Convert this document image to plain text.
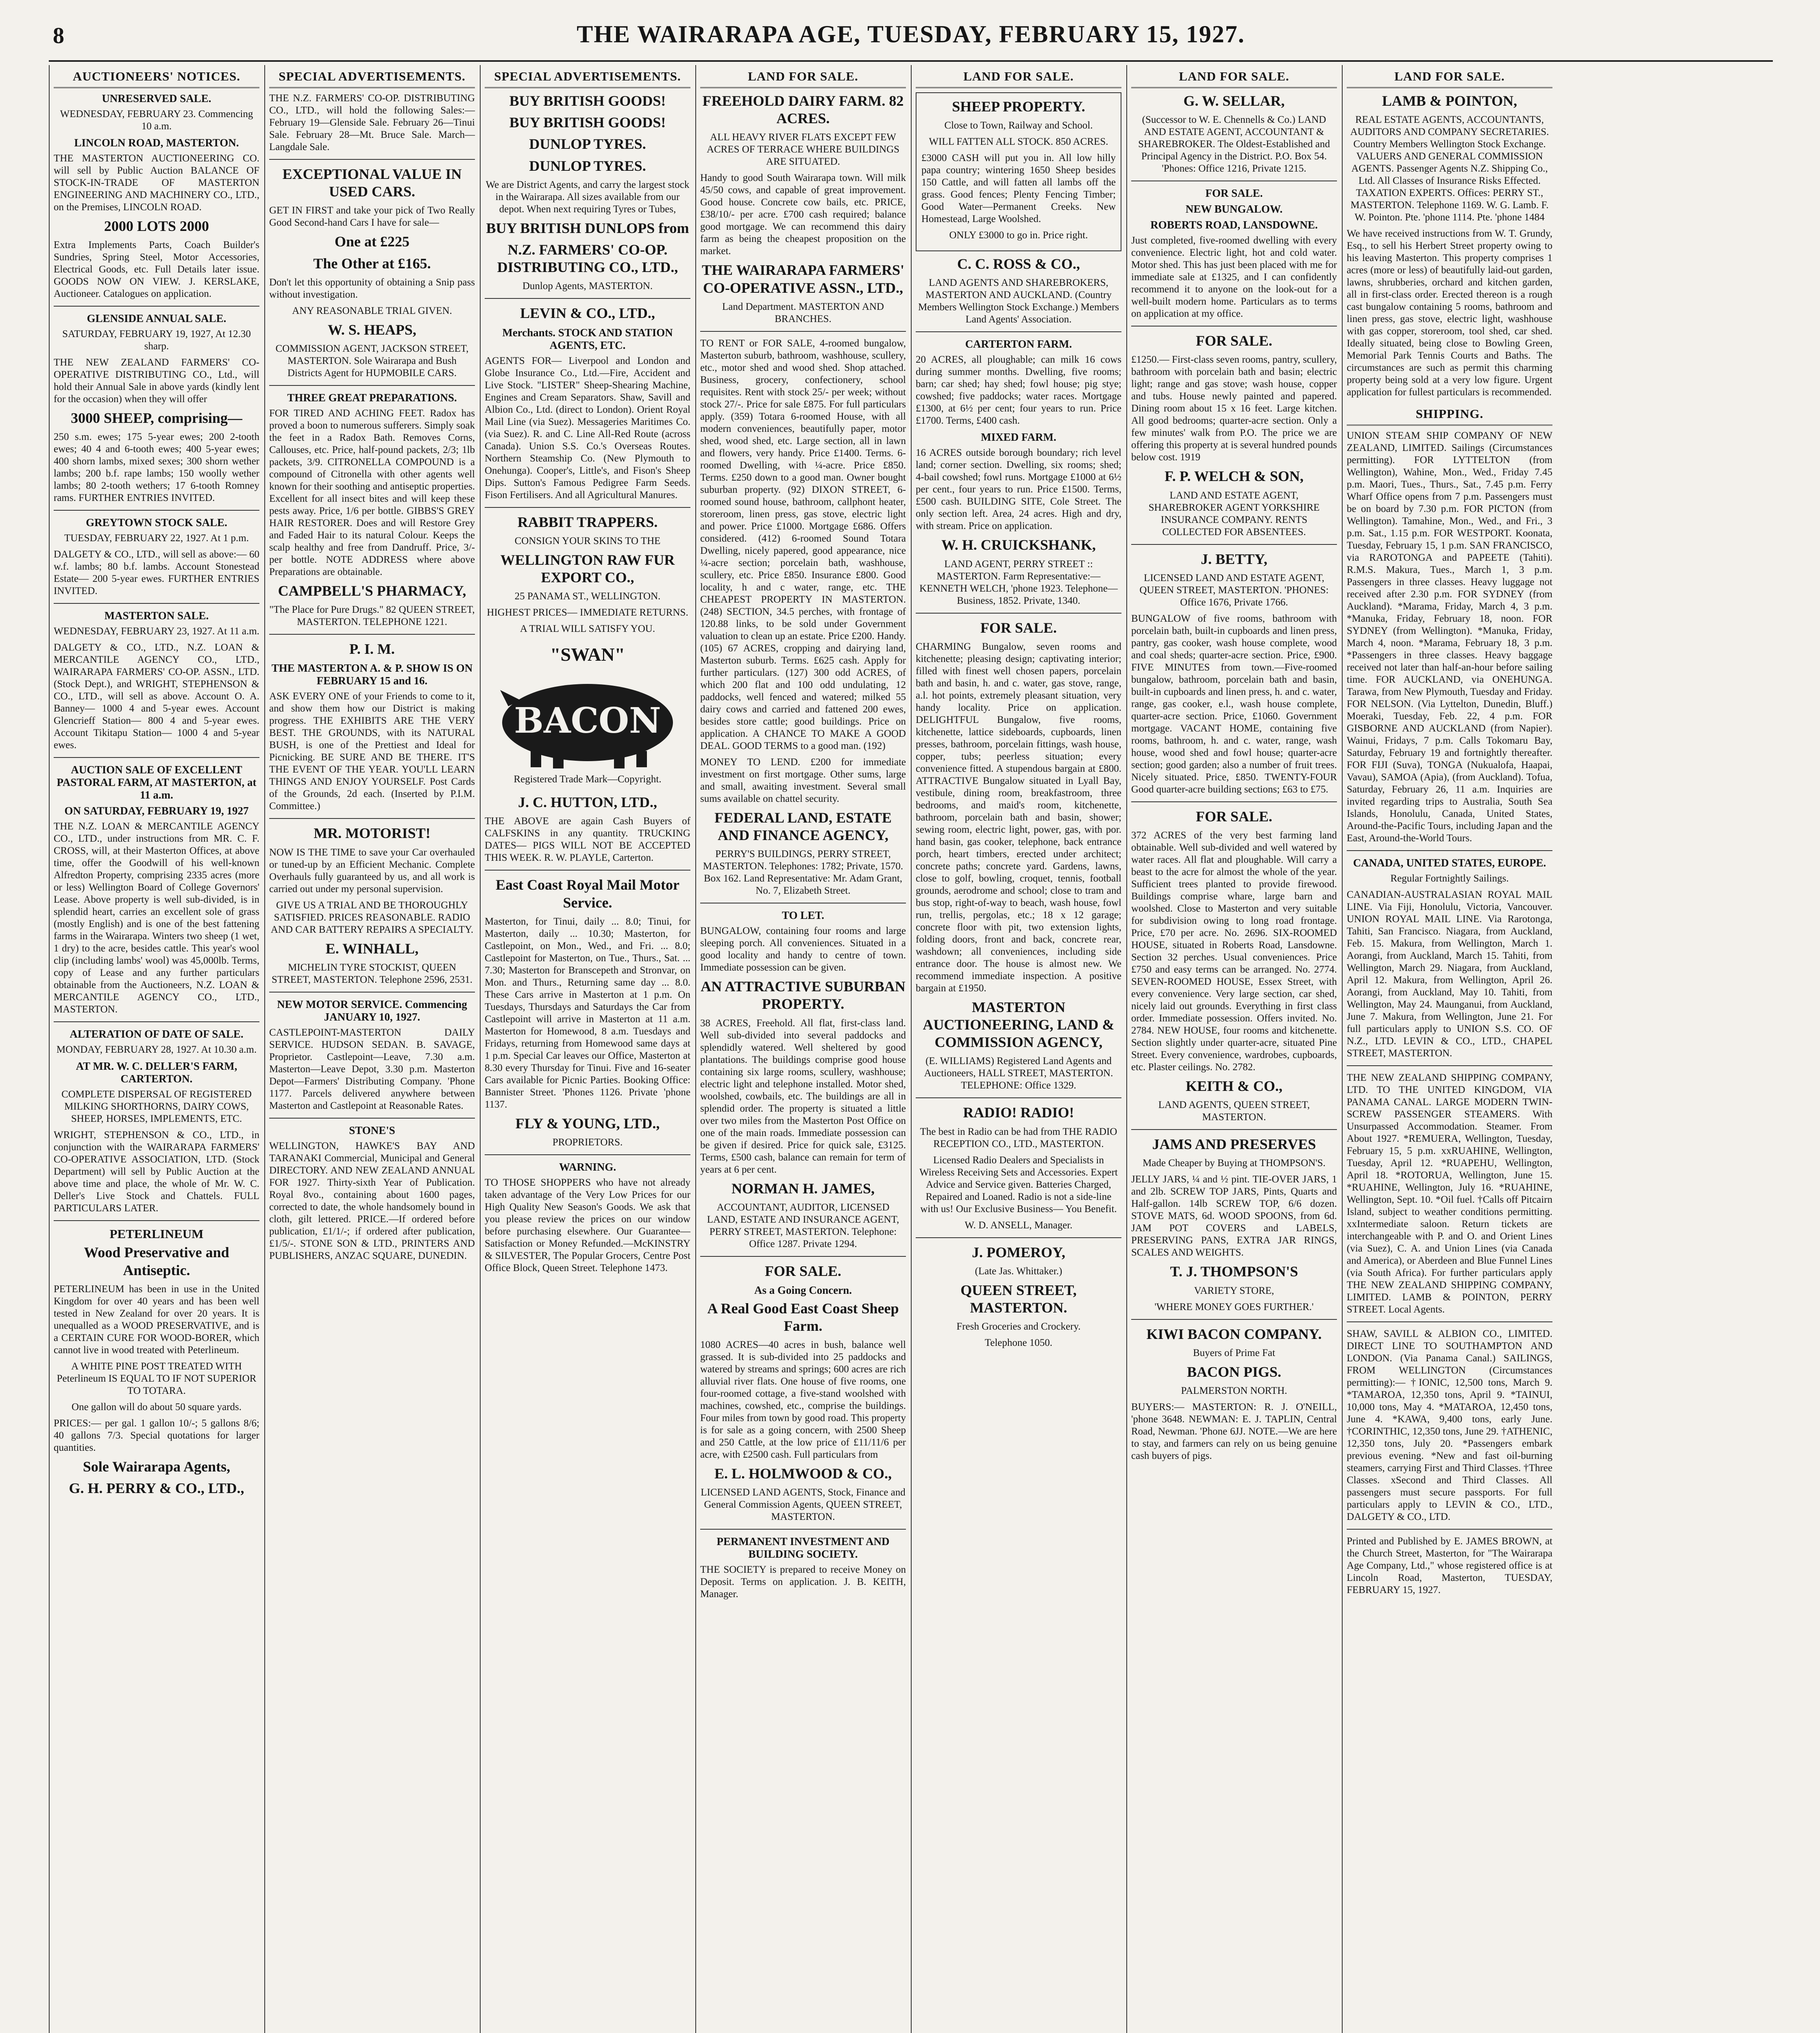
8	THE WAIRARAPA AGE, TUESDAY, FEBRUARY 15, 1927.
AUCTIONEERS' NOTICES.
UNRESERVED SALE.

WEDNESDAY, FEBRUARY 23. Commencing 10 a.m.

LINCOLN ROAD, MASTERTON.

THE MASTERTON AUCTIONEERING CO. will sell by Public Auction BALANCE OF STOCK-IN-TRADE OF MASTERTON ENGINEERING AND MACHINERY CO., LTD., on the Premises, LINCOLN ROAD.

2000 LOTS 2000

Extra Implements Parts, Coach Builder's Sundries, Spring Steel, Motor Accessories, Electrical Goods, etc. Full Details later issue. GOODS NOW ON VIEW. J. KERSLAKE, Auctioneer. Catalogues on application.

GLENSIDE ANNUAL SALE.

SATURDAY, FEBRUARY 19, 1927, At 12.30 sharp.

THE NEW ZEALAND FARMERS' CO-OPERATIVE DISTRIBUTING CO., Ltd., will hold their Annual Sale in above yards (kindly lent for the occasion) when they will offer

3000 SHEEP, comprising—

250 s.m. ewes; 175 5-year ewes; 200 2-tooth ewes; 40 4 and 6-tooth ewes; 400 5-year ewes; 400 shorn lambs, mixed sexes; 300 shorn wether lambs; 200 b.f. rape lambs; 150 woolly wether lambs; 80 2-tooth wethers; 17 6-tooth Romney rams. FURTHER ENTRIES INVITED.

GREYTOWN STOCK SALE.

TUESDAY, FEBRUARY 22, 1927. At 1 p.m.

DALGETY & CO., LTD., will sell as above:— 60 w.f. lambs; 80 b.f. lambs. Account Stonestead Estate— 200 5-year ewes. FURTHER ENTRIES INVITED.

MASTERTON SALE.

WEDNESDAY, FEBRUARY 23, 1927. At 11 a.m.

DALGETY & CO., LTD., N.Z. LOAN & MERCANTILE AGENCY CO., LTD., WAIRARAPA FARMERS' CO-OP. ASSN., LTD. (Stock Dept.), and WRIGHT, STEPHENSON & CO., LTD., will sell as above. Account O. A. Banney— 1000 4 and 5-year ewes. Account Glencrieff Station— 800 4 and 5-year ewes. Account Tikitapu Station— 1000 4 and 5-year ewes.

AUCTION SALE OF EXCELLENT PASTORAL FARM, AT MASTERTON, at 11 a.m.
ON SATURDAY, FEBRUARY 19, 1927

THE N.Z. LOAN & MERCANTILE AGENCY CO., LTD., under instructions from MR. C. F. CROSS, will, at their Masterton Offices, at above time, offer the Goodwill of his well-known Alfredton Property, comprising 2335 acres (more or less) Wellington Board of College Governors' Lease. Above property is well sub-divided, is in splendid heart, carries an excellent sole of grass (mostly English) and is one of the best fattening farms in the Wairarapa. Winters two sheep (1 wet, 1 dry) to the acre, besides cattle. This year's wool clip (including lambs' wool) was 45,000lb. Terms, copy of Lease and any further particulars obtainable from the Auctioneers, N.Z. LOAN & MERCANTILE AGENCY CO., LTD., MASTERTON.

ALTERATION OF DATE OF SALE.

MONDAY, FEBRUARY 28, 1927. At 10.30 a.m.

AT MR. W. C. DELLER'S FARM, CARTERTON.

COMPLETE DISPERSAL OF REGISTERED MILKING SHORTHORNS, DAIRY COWS, SHEEP, HORSES, IMPLEMENTS, ETC.

WRIGHT, STEPHENSON & CO., LTD., in conjunction with the WAIRARAPA FARMERS' CO-OPERATIVE ASSOCIATION, LTD. (Stock Department) will sell by Public Auction at the above time and place, the whole of Mr. W. C. Deller's Live Stock and Chattels. FULL PARTICULARS LATER.

PETERLINEUM

Wood Preservative and Antiseptic.

PETERLINEUM has been in use in the United Kingdom for over 40 years and has been well tested in New Zealand for over 20 years. It is unequalled as a WOOD PRESERVATIVE, and is a CERTAIN CURE FOR WOOD-BORER, which cannot live in wood treated with Peterlineum.

A WHITE PINE POST TREATED WITH Peterlineum IS EQUAL TO IF NOT SUPERIOR TO TOTARA.

One gallon will do about 50 square yards.

PRICES:— per gal. 1 gallon 10/-; 5 gallons 8/6; 40 gallons 7/3. Special quotations for larger quantities.

Sole Wairarapa Agents,

G. H. PERRY & CO., LTD.,

SPECIAL ADVERTISEMENTS.

THE N.Z. FARMERS' CO-OP. DISTRIBUTING CO., LTD., will hold the following Sales:— February 19—Glenside Sale. February 26—Tinui Sale. February 28—Mt. Bruce Sale. March—Langdale Sale.

EXCEPTIONAL VALUE IN USED CARS.

GET IN FIRST and take your pick of Two Really Good Second-hand Cars I have for sale—

One at £225

The Other at £165.

Don't let this opportunity of obtaining a Snip pass without investigation.

ANY REASONABLE TRIAL GIVEN.

W. S. HEAPS,

COMMISSION AGENT, JACKSON STREET, MASTERTON. Sole Wairarapa and Bush Districts Agent for HUPMOBILE CARS.

THREE GREAT PREPARATIONS.

FOR TIRED AND ACHING FEET. Radox has proved a boon to numerous sufferers. Simply soak the feet in a Radox Bath. Removes Corns, Callouses, etc. Price, half-pound packets, 2/3; 1lb packets, 3/9. CITRONELLA COMPOUND is a compound of Citronella with other agents well known for their soothing and antiseptic properties. Excellent for all insect bites and will keep these pests away. Price, 1/6 per bottle. GIBBS'S GREY HAIR RESTORER. Does and will Restore Grey and Faded Hair to its natural Colour. Keeps the scalp healthy and free from Dandruff. Price, 3/- per bottle. NOTE ADDRESS where above Preparations are obtainable.

CAMPBELL'S PHARMACY,

"The Place for Pure Drugs." 82 QUEEN STREET, MASTERTON. TELEPHONE 1221.

P. I. M.

THE MASTERTON A. & P. SHOW IS ON FEBRUARY 15 and 16.

ASK EVERY ONE of your Friends to come to it, and show them how our District is making progress. THE EXHIBITS ARE THE VERY BEST. THE GROUNDS, with its NATURAL BUSH, is one of the Prettiest and Ideal for Picnicking. BE SURE AND BE THERE. IT'S THE EVENT OF THE YEAR. YOU'LL LEARN THINGS AND ENJOY YOURSELF. Post Cards of the Grounds, 2d each. (Inserted by P.I.M. Committee.)

MR. MOTORIST!

NOW IS THE TIME to save your Car overhauled or tuned-up by an Efficient Mechanic. Complete Overhauls fully guaranteed by us, and all work is carried out under my personal supervision.

GIVE US A TRIAL AND BE THOROUGHLY SATISFIED. PRICES REASONABLE. RADIO AND CAR BATTERY REPAIRS A SPECIALTY.

E. WINHALL,

MICHELIN TYRE STOCKIST, QUEEN STREET, MASTERTON. Telephone 2596, 2531.

NEW MOTOR SERVICE. Commencing JANUARY 10, 1927.

CASTLEPOINT-MASTERTON DAILY SERVICE. HUDSON SEDAN. B. SAVAGE, Proprietor. Castlepoint—Leave, 7.30 a.m. Masterton—Leave Depot, 3.30 p.m. Masterton Depot—Farmers' Distributing Company. 'Phone 1177. Parcels delivered anywhere between Masterton and Castlepoint at Reasonable Rates.

STONE'S

WELLINGTON, HAWKE'S BAY AND TARANAKI Commercial, Municipal and General DIRECTORY. AND NEW ZEALAND ANNUAL FOR 1927. Thirty-sixth Year of Publication. Royal 8vo., containing about 1600 pages, corrected to date, the whole handsomely bound in cloth, gilt lettered. PRICE.—If ordered before publication, £1/1/-; if ordered after publication, £1/5/-. STONE SON & LTD., PRINTERS AND PUBLISHERS, ANZAC SQUARE, DUNEDIN.

SPECIAL ADVERTISEMENTS.

BUY BRITISH GOODS!

BUY BRITISH GOODS!

DUNLOP TYRES.

DUNLOP TYRES.

We are District Agents, and carry the largest stock in the Wairarapa. All sizes available from our depot. When next requiring Tyres or Tubes,

BUY BRITISH DUNLOPS from

N.Z. FARMERS' CO-OP. DISTRIBUTING CO., LTD.,

Dunlop Agents, MASTERTON.

LEVIN & CO., LTD.,

Merchants. STOCK AND STATION AGENTS, ETC.

AGENTS FOR— Liverpool and London and Globe Insurance Co., Ltd.—Fire, Accident and Live Stock. "LISTER" Sheep-Shearing Machine, Engines and Cream Separators. Shaw, Savill and Albion Co., Ltd. (direct to London). Orient Royal Mail Line (via Suez). Messageries Maritimes Co. (via Suez). R. and C. Line All-Red Route (across Canada). Union S.S. Co.'s Overseas Routes. Northern Steamship Co. (New Plymouth to Onehunga). Cooper's, Little's, and Fison's Sheep Dips. Sutton's Famous Pedigree Farm Seeds. Fison Fertilisers. And all Agricultural Manures.

RABBIT TRAPPERS.

CONSIGN YOUR SKINS TO THE

WELLINGTON RAW FUR EXPORT CO.,

25 PANAMA ST., WELLINGTON.

HIGHEST PRICES— IMMEDIATE RETURNS.

A TRIAL WILL SATISFY YOU.

"SWAN"

BACON

Registered Trade Mark—Copyright.

J. C. HUTTON, LTD.,

THE ABOVE are again Cash Buyers of CALFSKINS in any quantity. TRUCKING DATES— PIGS WILL NOT BE ACCEPTED THIS WEEK. R. W. PLAYLE, Carterton.

East Coast Royal Mail Motor Service.

Masterton, for Tinui, daily ... 8.0; Tinui, for Masterton, daily ... 10.30; Masterton, for Castlepoint, on Mon., Wed., and Fri. ... 8.0; Castlepoint for Masterton, on Tue., Thurs., Sat. ... 7.30; Masterton for Branscepeth and Stronvar, on Mon. and Thurs., Returning same day ... 8.0. These Cars arrive in Masterton at 1 p.m. On Tuesdays, Thursdays and Saturdays the Car from Castlepoint will arrive in Masterton at 11 a.m. Masterton for Homewood, 8 a.m. Tuesdays and Fridays, returning from Homewood same days at 1 p.m. Special Car leaves our Office, Masterton at 8.30 every Thursday for Tinui. Five and 16-seater Cars available for Picnic Parties. Booking Office: Bannister Street. 'Phones 1126. Private 'phone 1137.

FLY & YOUNG, LTD.,

PROPRIETORS.

WARNING.

TO THOSE SHOPPERS who have not already taken advantage of the Very Low Prices for our High Quality New Season's Goods. We ask that you please review the prices on our window before purchasing elsewhere. Our Guarantee—Satisfaction or Money Refunded.—McKINSTRY & SILVESTER, The Popular Grocers, Centre Post Office Block, Queen Street. Telephone 1473.

LAND FOR SALE.

FREEHOLD DAIRY FARM. 82 ACRES.

ALL HEAVY RIVER FLATS EXCEPT FEW ACRES OF TERRACE WHERE BUILDINGS ARE SITUATED.

Handy to good South Wairarapa town. Will milk 45/50 cows, and capable of great improvement. Good house. Concrete cow bails, etc. PRICE, £38/10/- per acre. £700 cash required; balance good mortgage. We can recommend this dairy farm as being the cheapest proposition on the market.

THE WAIRARAPA FARMERS' CO-OPERATIVE ASSN., LTD.,

Land Department. MASTERTON AND BRANCHES.

TO RENT or FOR SALE, 4-roomed bungalow, Masterton suburb, bathroom, washhouse, scullery, etc., motor shed and wood shed. Shop attached. Business, grocery, confectionery, school requisites. Rent with stock 25/- per week; without stock 27/-. Price for sale £875. For full particulars apply. (359) Totara 6-roomed House, with all modern conveniences, beautifully paper, motor shed, wood shed, etc. Large section, all in lawn and flowers, very handy. Price £1400. Terms. 6-roomed Dwelling, with ¼-acre. Price £850. Terms. £250 down to a good man. Owner bought suburban property. (92) DIXON STREET, 6-roomed sound house, bathroom, callphont heater, storeroom, linen press, gas stove, electric light and power. Price £1000. Mortgage £686. Offers considered. (412) 6-roomed Sound Totara Dwelling, nicely papered, good appearance, nice ¼-acre section; porcelain bath, washhouse, scullery, etc. Price £850. Insurance £800. Good locality, h and c water, range, etc. THE CHEAPEST PROPERTY IN MASTERTON. (248) SECTION, 34.5 perches, with frontage of 120.88 links, to be sold under Government valuation to clean up an estate. Price £200. Handy. (105) 67 ACRES, cropping and dairying land, Masterton suburb. Terms. £625 cash. Apply for further particulars. (127) 300 odd ACRES, of which 200 flat and 100 odd undulating, 12 paddocks, well fenced and watered; milked 55 dairy cows and carried and fattened 200 ewes, besides store cattle; good buildings. Price on application. A CHANCE TO MAKE A GOOD DEAL. GOOD TERMS to a good man. (192)

MONEY TO LEND. £200 for immediate investment on first mortgage. Other sums, large and small, awaiting investment. Several small sums available on chattel security.

FEDERAL LAND, ESTATE AND FINANCE AGENCY,

PERRY'S BUILDINGS, PERRY STREET, MASTERTON. Telephones: 1782; Private, 1570. Box 162. Land Representative: Mr. Adam Grant, No. 7, Elizabeth Street.

TO LET.

BUNGALOW, containing four rooms and large sleeping porch. All conveniences. Situated in a good locality and handy to centre of town. Immediate possession can be given.

AN ATTRACTIVE SUBURBAN PROPERTY.

38 ACRES, Freehold. All flat, first-class land. Well sub-divided into several paddocks and splendidly watered. Well sheltered by good plantations. The buildings comprise good house containing six large rooms, scullery, washhouse; electric light and telephone installed. Motor shed, woolshed, cowbails, etc. The buildings are all in splendid order. The property is situated a little over two miles from the Masterton Post Office on one of the main roads. Immediate possession can be given if desired. Price for quick sale, £3125. Terms, £500 cash, balance can remain for term of years at 6 per cent.

NORMAN H. JAMES,

ACCOUNTANT, AUDITOR, LICENSED LAND, ESTATE AND INSURANCE AGENT, PERRY STREET, MASTERTON. Telephone: Office 1287. Private 1294.

FOR SALE.

As a Going Concern.

A Real Good East Coast Sheep Farm.

1080 ACRES—40 acres in bush, balance well grassed. It is sub-divided into 25 paddocks and watered by streams and springs; 600 acres are rich alluvial river flats. One house of five rooms, one four-roomed cottage, a five-stand woolshed with machines, cowshed, etc., comprise the buildings. Four miles from town by good road. This property is for sale as a going concern, with 2500 Sheep and 250 Cattle, at the low price of £11/11/6 per acre, with £2500 cash. Full particulars from

E. L. HOLMWOOD & CO.,

LICENSED LAND AGENTS, Stock, Finance and General Commission Agents, QUEEN STREET, MASTERTON.

PERMANENT INVESTMENT AND BUILDING SOCIETY.

THE SOCIETY is prepared to receive Money on Deposit. Terms on application. J. B. KEITH, Manager.

LAND FOR SALE.

SHEEP PROPERTY.

Close to Town, Railway and School.

WILL FATTEN ALL STOCK. 850 ACRES.

£3000 CASH will put you in. All low hilly papa country; wintering 1650 Sheep besides 150 Cattle, and will fatten all lambs off the grass. Good fences; Plenty Fencing Timber; Good Water—Permanent Creeks. New Homestead, Large Woolshed.

ONLY £3000 to go in. Price right.

C. C. ROSS & CO.,

LAND AGENTS AND SHAREBROKERS, MASTERTON AND AUCKLAND. (Country Members Wellington Stock Exchange.) Members Land Agents' Association.

CARTERTON FARM.

20 ACRES, all ploughable; can milk 16 cows during summer months. Dwelling, five rooms; barn; car shed; hay shed; fowl house; pig stye; cowshed; five paddocks; water races. Mortgage £1300, at 6½ per cent; four years to run. Price £1700. Terms, £400 cash.

MIXED FARM.

16 ACRES outside borough boundary; rich level land; corner section. Dwelling, six rooms; shed; 4-bail cowshed; fowl runs. Mortgage £1000 at 6½ per cent., four years to run. Price £1500. Terms, £500 cash. BUILDING SITE, Cole Street. The only section left. Area, 24 acres. High and dry, with stream. Price on application.

W. H. CRUICKSHANK,

LAND AGENT, PERRY STREET :: MASTERTON. Farm Representative:— KENNETH WELCH, 'phone 1923. Telephone— Business, 1852. Private, 1340.

FOR SALE.

CHARMING Bungalow, seven rooms and kitchenette; pleasing design; captivating interior; filled with finest well chosen papers, porcelain bath and basin, h. and c. water, gas stove, range, a.l. hot points, extremely pleasant situation, very handy locality. Price on application. DELIGHTFUL Bungalow, five rooms, kitchenette, lattice sideboards, cupboards, linen presses, bathroom, porcelain fittings, wash house, copper, tubs; peerless situation; every convenience fitted. A stupendous bargain at £800. ATTRACTIVE Bungalow situated in Lyall Bay, vestibule, dining room, breakfastroom, three bedrooms, and maid's room, kitchenette, bathroom, porcelain bath and basin, shower; sewing room, electric light, power, gas, with por. hand basin, gas cooker, telephone, back entrance porch, heart timbers, erected under architect; concrete paths; concrete yard. Gardens, lawns, close to golf, bowling, croquet, tennis, football grounds, aerodrome and school; close to tram and bus stop, right-of-way to beach, wash house, fowl run, trellis, pergolas, etc.; 18 x 12 garage; concrete floor with pit, two extension lights, folding doors, front and back, concrete rear, washdown; all conveniences, including side entrance door. The house is almost new. We recommend immediate inspection. A positive bargain at £1950.

MASTERTON AUCTIONEERING, LAND & COMMISSION AGENCY,

(E. WILLIAMS) Registered Land Agents and Auctioneers, HALL STREET, MASTERTON. TELEPHONE: Office 1329.

RADIO! RADIO!

The best in Radio can be had from THE RADIO RECEPTION CO., LTD., MASTERTON.

Licensed Radio Dealers and Specialists in Wireless Receiving Sets and Accessories. Expert Advice and Service given. Batteries Charged, Repaired and Loaned. Radio is not a side-line with us! Our Exclusive Business— You Benefit.

W. D. ANSELL, Manager.

J. POMEROY,

(Late Jas. Whittaker.)

QUEEN STREET, MASTERTON.

Fresh Groceries and Crockery.

Telephone 1050.

LAND FOR SALE.

G. W. SELLAR,

(Successor to W. E. Chennells & Co.) LAND AND ESTATE AGENT, ACCOUNTANT & SHAREBROKER. The Oldest-Established and Principal Agency in the District. P.O. Box 54. 'Phones: Office 1216, Private 1215.

FOR SALE.
NEW BUNGALOW.
ROBERTS ROAD, LANSDOWNE.

Just completed, five-roomed dwelling with every convenience. Electric light, hot and cold water. Motor shed. This has just been placed with me for immediate sale at £1325, and I can confidently recommend it to anyone on the look-out for a well-built modern home. Particulars as to terms on application at my office.

FOR SALE.

£1250.— First-class seven rooms, pantry, scullery, bathroom with porcelain bath and basin; electric light; range and gas stove; wash house, copper and tubs. House newly painted and papered. Dining room about 15 x 16 feet. Large kitchen. All good bedrooms; quarter-acre section. Only a few minutes' walk from P.O. The price we are offering this property at is several hundred pounds below cost. 1919

F. P. WELCH & SON,

LAND AND ESTATE AGENT, SHAREBROKER AGENT YORKSHIRE INSURANCE COMPANY. RENTS COLLECTED FOR ABSENTEES.

J. BETTY,

LICENSED LAND AND ESTATE AGENT, QUEEN STREET, MASTERTON. 'PHONES: Office 1676, Private 1766.

BUNGALOW of five rooms, bathroom with porcelain bath, built-in cupboards and linen press, pantry, gas cooker, wash house complete, wood and coal sheds; quarter-acre section. Price, £900. FIVE MINUTES from town.—Five-roomed bungalow, bathroom, porcelain bath and basin, built-in cupboards and linen press, h. and c. water, range, gas cooker, e.l., wash house complete, quarter-acre section. Price, £1060. Government mortgage. VACANT HOME, containing five rooms, bathroom, h. and c. water, range, wash house, wood shed and fowl house; quarter-acre section; good garden; also a number of fruit trees. Nicely situated. Price, £850. TWENTY-FOUR Good quarter-acre building sections; £63 to £75.

FOR SALE.

372 ACRES of the very best farming land obtainable. Well sub-divided and well watered by water races. All flat and ploughable. Will carry a beast to the acre for almost the whole of the year. Sufficient trees planted to provide firewood. Buildings comprise whare, large barn and woolshed. Close to Masterton and very suitable for subdivision owing to long road frontage. Price, £70 per acre. No. 2696. SIX-ROOMED HOUSE, situated in Roberts Road, Lansdowne. Section 32 perches. Usual conveniences. Price £750 and easy terms can be arranged. No. 2774. SEVEN-ROOMED HOUSE, Essex Street, with every convenience. Very large section, car shed, nicely laid out grounds. Everything in first class order. Immediate possession. Offers invited. No. 2784. NEW HOUSE, four rooms and kitchenette. Section slightly under quarter-acre, situated Pine Street. Every convenience, wardrobes, cupboards, etc. Plaster ceilings. No. 2782.

KEITH & CO.,

LAND AGENTS, QUEEN STREET, MASTERTON.

JAMS AND PRESERVES

Made Cheaper by Buying at THOMPSON'S.

JELLY JARS, ¼ and ½ pint. TIE-OVER JARS, 1 and 2lb. SCREW TOP JARS, Pints, Quarts and Half-gallon. 14lb SCREW TOP, 6/6 dozen. STOVE MATS, 6d. WOOD SPOONS, from 6d. JAM POT COVERS and LABELS, PRESERVING PANS, EXTRA JAR RINGS, SCALES AND WEIGHTS.

T. J. THOMPSON'S

VARIETY STORE,

'WHERE MONEY GOES FURTHER.'

KIWI BACON COMPANY.

Buyers of Prime Fat

BACON PIGS.

PALMERSTON NORTH.

BUYERS:— MASTERTON: R. J. O'NEILL, 'phone 3648. NEWMAN: E. J. TAPLIN, Central Road, Newman. 'Phone 6JJ. NOTE.—We are here to stay, and farmers can rely on us being genuine cash buyers of pigs.

LAND FOR SALE.

LAMB & POINTON,

REAL ESTATE AGENTS, ACCOUNTANTS, AUDITORS AND COMPANY SECRETARIES. Country Members Wellington Stock Exchange. VALUERS AND GENERAL COMMISSION AGENTS. Passenger Agents N.Z. Shipping Co., Ltd. All Classes of Insurance Risks Effected. TAXATION EXPERTS. Offices: PERRY ST., MASTERTON. Telephone 1169. W. G. Lamb. F. W. Pointon. Pte. 'phone 1114. Pte. 'phone 1484

We have received instructions from W. T. Grundy, Esq., to sell his Herbert Street property owing to his leaving Masterton. This property comprises 1 acres (more or less) of beautifully laid-out garden, lawns, shrubberies, orchard and kitchen garden, all in first-class order. Erected thereon is a rough cast bungalow containing 5 rooms, bathroom and linen press, gas stove, electric light, washhouse with gas copper, storeroom, tool shed, car shed. Ideally situated, being close to Bowling Green, Memorial Park Tennis Courts and Baths. The circumstances are such as permit this charming property being sold at a very low figure. Urgent application for fullest particulars is recommended.

SHIPPING.

UNION STEAM SHIP COMPANY OF NEW ZEALAND, LIMITED. Sailings (Circumstances permitting). FOR LYTTELTON (from Wellington), Wahine, Mon., Wed., Friday 7.45 p.m. Maori, Tues., Thurs., Sat., 7.45 p.m. Ferry Wharf Office opens from 7 p.m. Passengers must be on board by 7.30 p.m. FOR PICTON (from Wellington). Tamahine, Mon., Wed., and Fri., 3 p.m. Sat., 1.15 p.m. FOR WESTPORT. Koonata, Tuesday, February 15, 1 p.m. SAN FRANCISCO, via RAROTONGA and PAPEETE (Tahiti). R.M.S. Makura, Tues., March 1, 3 p.m. Passengers in three classes. Heavy luggage not received after 2.30 p.m. FOR SYDNEY (from Auckland). *Marama, Friday, March 4, 3 p.m. *Manuka, Friday, February 18, noon. FOR SYDNEY (from Wellington). *Manuka, Friday, March 4, noon. *Marama, February 18, 3 p.m. *Passengers in three classes. Heavy baggage received not later than half-an-hour before sailing time. FOR AUCKLAND, via ONEHUNGA. Tarawa, from New Plymouth, Tuesday and Friday. FOR NELSON. (Via Lyttelton, Dunedin, Bluff.) Moeraki, Tuesday, Feb. 22, 4 p.m. FOR GISBORNE AND AUCKLAND (from Napier). Wainui, Fridays, 7 p.m. Calls Tokomaru Bay, Saturday, February 19 and fortnightly thereafter. FOR FIJI (Suva), TONGA (Nukualofa, Haapai, Vavau), SAMOA (Apia), (from Auckland). Tofua, Saturday, February 26, 11 a.m. Inquiries are invited regarding trips to Australia, South Sea Islands, Honolulu, Canada, United States, Around-the-Pacific Tours, including Japan and the East, Around-the-World Tours.

CANADA, UNITED STATES, EUROPE.

Regular Fortnightly Sailings.

CANADIAN-AUSTRALASIAN ROYAL MAIL LINE. Via Fiji, Honolulu, Victoria, Vancouver. UNION ROYAL MAIL LINE. Via Rarotonga, Tahiti, San Francisco. Niagara, from Auckland, Feb. 15. Makura, from Wellington, March 1. Aorangi, from Auckland, March 15. Tahiti, from Wellington, March 29. Niagara, from Auckland, April 12. Makura, from Wellington, April 26. Aorangi, from Auckland, May 10. Tahiti, from Wellington, May 24. Maunganui, from Auckland, June 7. Makura, from Wellington, June 21. For full particulars apply to UNION S.S. CO. OF N.Z., LTD. LEVIN & CO., LTD., CHAPEL STREET, MASTERTON.

THE NEW ZEALAND SHIPPING COMPANY, LTD. TO THE UNITED KINGDOM, VIA PANAMA CANAL. LARGE MODERN TWIN-SCREW PASSENGER STEAMERS. With Unsurpassed Accommodation. Steamer. From About 1927. *REMUERA, Wellington, Tuesday, February 15, 5 p.m. xxRUAHINE, Wellington, Tuesday, April 12. *RUAPEHU, Wellington, April 18. *ROTORUA, Wellington, June 15. *RUAHINE, Wellington, July 16. *RUAHINE, Wellington, Sept. 10. *Oil fuel. †Calls off Pitcairn Island, subject to weather conditions permitting. xxIntermediate saloon. Return tickets are interchangeable with P. and O. and Orient Lines (via Suez), C. A. and Union Lines (via Canada and America), or Aberdeen and Blue Funnel Lines (via South Africa). For further particulars apply THE NEW ZEALAND SHIPPING COMPANY, LIMITED. LAMB & POINTON, PERRY STREET. Local Agents.

SHAW, SAVILL & ALBION CO., LIMITED. DIRECT LINE TO SOUTHAMPTON AND LONDON. (Via Panama Canal.) SAILINGS, FROM WELLINGTON (Circumstances permitting):— †IONIC, 12,500 tons, March 9. *TAMAROA, 12,350 tons, April 9. *TAINUI, 10,000 tons, May 4. *MATAROA, 12,450 tons, June 4. *KAWA, 9,400 tons, early June. †CORINTHIC, 12,350 tons, June 29. †ATHENIC, 12,350 tons, July 20. *Passengers embark previous evening. *New and fast oil-burning steamers, carrying First and Third Classes. †Three Classes. xSecond and Third Classes. All passengers must secure passports. For full particulars apply to LEVIN & CO., LTD., DALGETY & CO., LTD.

Printed and Published by E. JAMES BROWN, at the Church Street, Masterton, for "The Wairarapa Age Company, Ltd.," whose registered office is at Lincoln Road, Masterton, TUESDAY, FEBRUARY 15, 1927.
